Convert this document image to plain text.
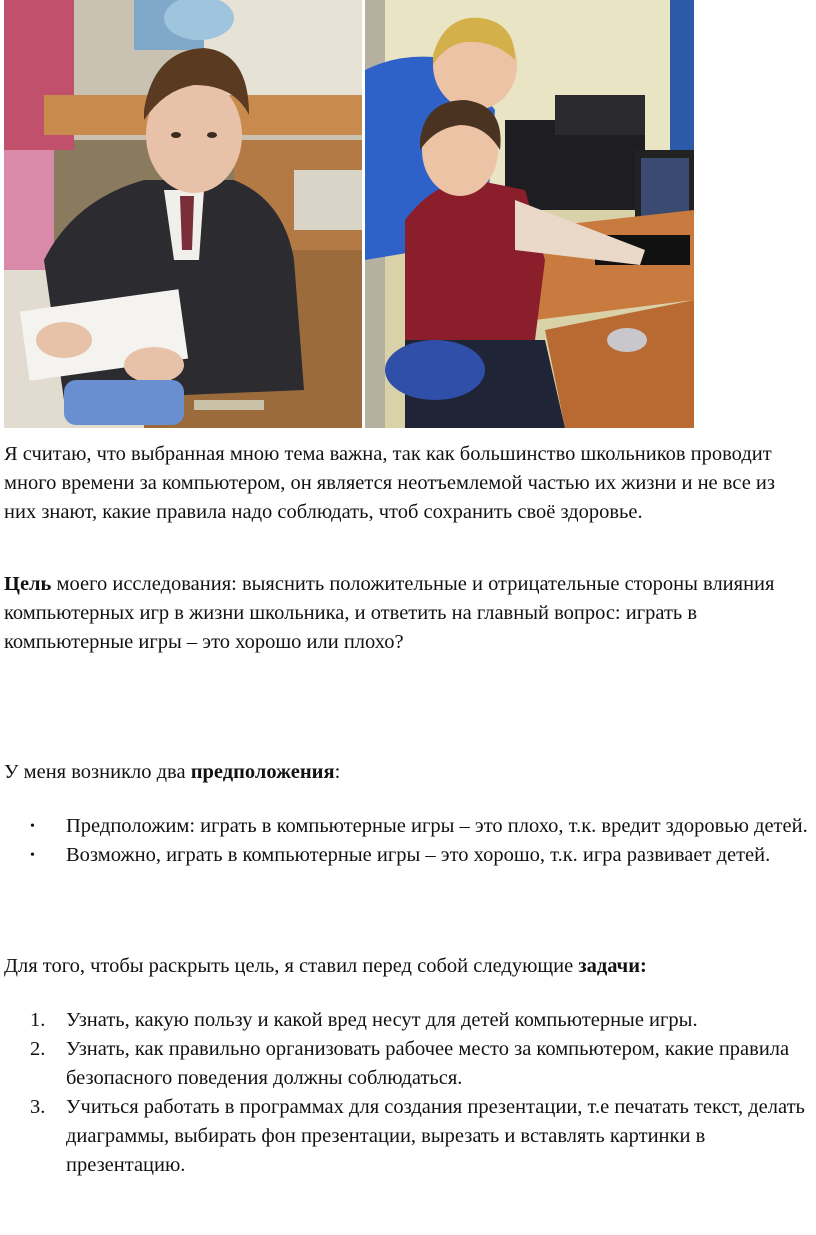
Я считаю, что выбранная мною тема важна, так как большинство школьников проводит много времени за компьютером, он является неотъемлемой частью их жизни и не все из них знают, какие правила надо соблюдать, чтоб сохранить своё здоровье.

Цель моего исследования: выяснить положительные и отрицательные стороны влияния компьютерных игр в жизни школьника, и ответить на главный вопрос: играть в компьютерные игры – это хорошо или плохо?

У меня возникло два предположения:

• Предположим: играть в компьютерные игры – это плохо, т.к. вредит здоровью детей.
• Возможно, играть в компьютерные игры – это хорошо, т.к. игра развивает детей.

Для того, чтобы раскрыть цель, я ставил перед собой следующие задачи:

1. Узнать, какую пользу и какой вред несут для детей компьютерные игры.
2. Узнать, как правильно организовать рабочее место за компьютером, какие правила безопасного поведения должны соблюдаться.
3. Учиться работать в программах для создания презентации, т.е печатать текст, делать диаграммы, выбирать фон презентации, вырезать и вставлять картинки в презентацию.
